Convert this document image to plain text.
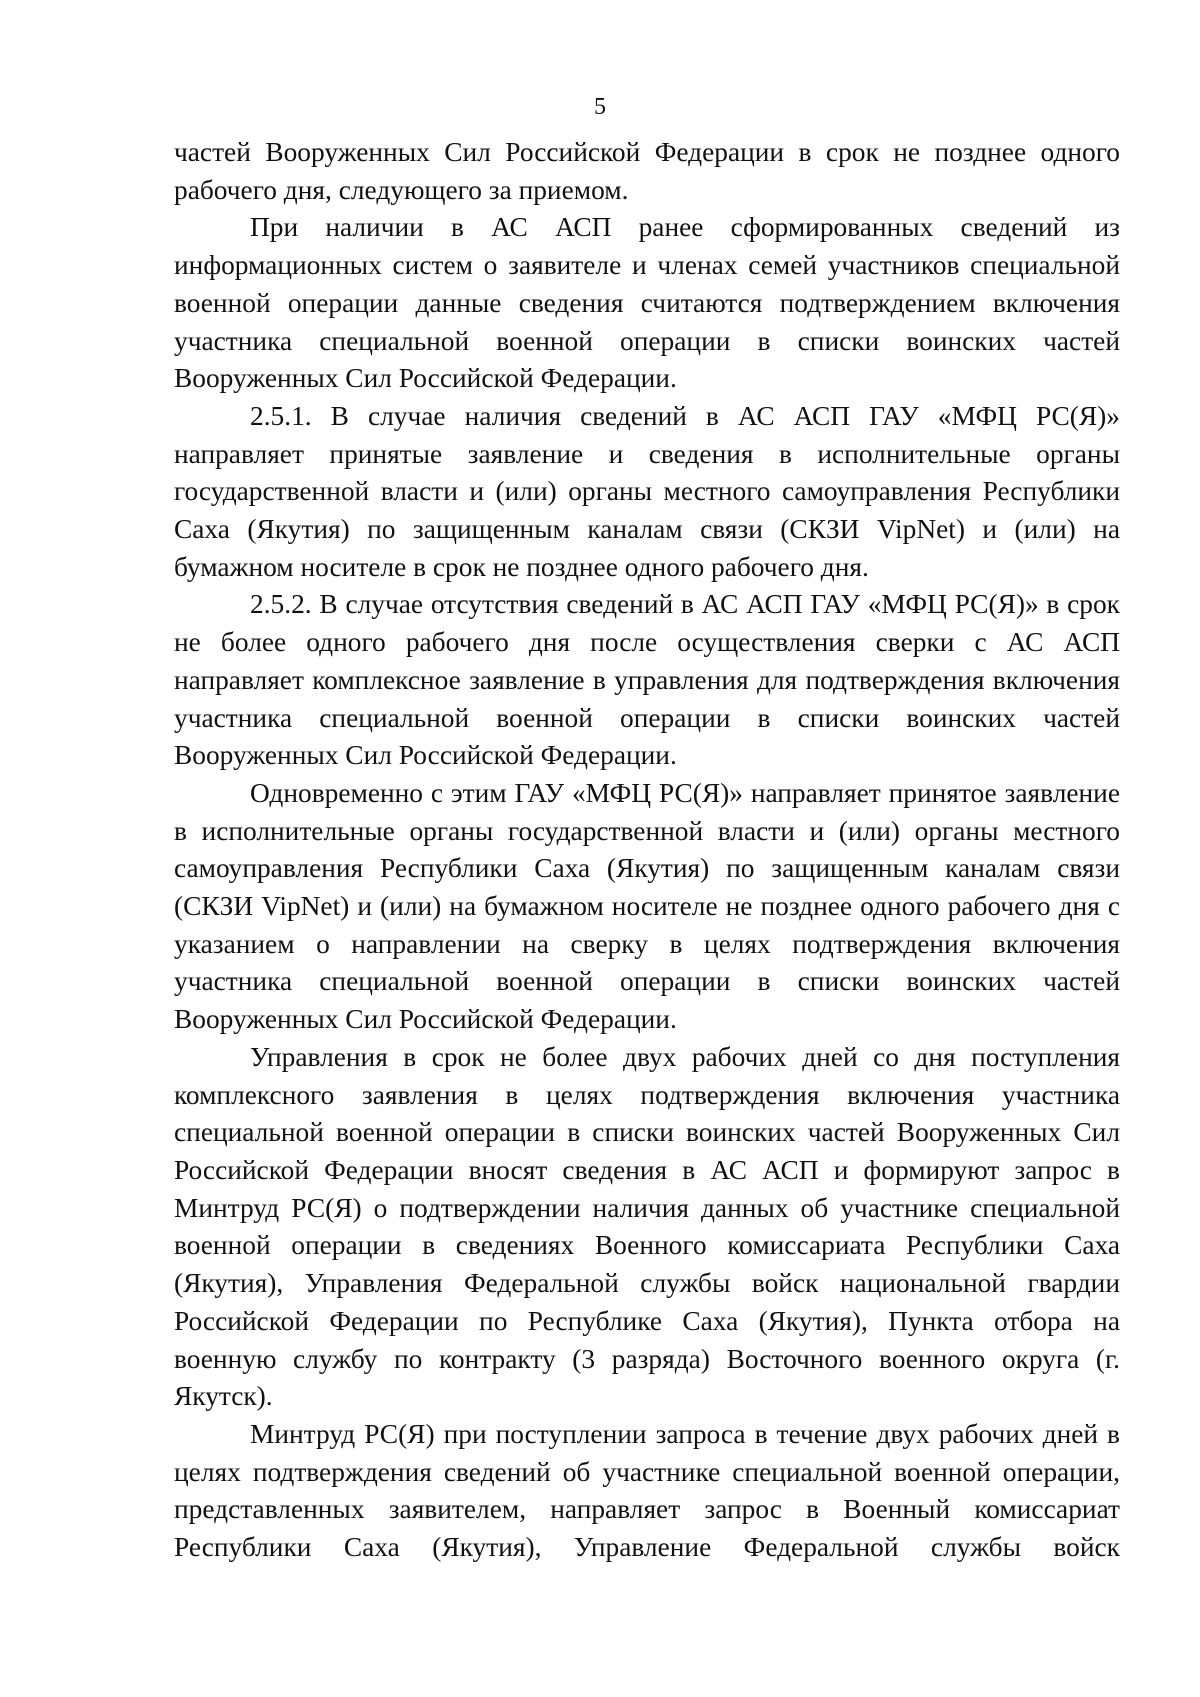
5

частей Вооруженных Сил Российской Федерации в срок не позднее одного рабочего дня, следующего за приемом.

При наличии в АС АСП ранее сформированных сведений из информационных систем о заявителе и членах семей участников специальной военной операции данные сведения считаются подтверждением включения участника специальной военной операции в списки воинских частей Вооруженных Сил Российской Федерации.

2.5.1. В случае наличия сведений в АС АСП ГАУ «МФЦ РС(Я)» направляет принятые заявление и сведения в исполнительные органы государственной власти и (или) органы местного самоуправления Республики Саха (Якутия) по защищенным каналам связи (СКЗИ VipNet) и (или) на бумажном носителе в срок не позднее одного рабочего дня.

2.5.2. В случае отсутствия сведений в АС АСП ГАУ «МФЦ РС(Я)» в срок не более одного рабочего дня после осуществления сверки с АС АСП направляет комплексное заявление в управления для подтверждения включения участника специальной военной операции в списки воинских частей Вооруженных Сил Российской Федерации.

Одновременно с этим ГАУ «МФЦ РС(Я)» направляет принятое заявление в исполнительные органы государственной власти и (или) органы местного самоуправления Республики Саха (Якутия) по защищенным каналам связи (СКЗИ VipNet) и (или) на бумажном носителе не позднее одного рабочего дня с указанием о направлении на сверку в целях подтверждения включения участника специальной военной операции в списки воинских частей Вооруженных Сил Российской Федерации.

Управления в срок не более двух рабочих дней со дня поступления комплексного заявления в целях подтверждения включения участника специальной военной операции в списки воинских частей Вооруженных Сил Российской Федерации вносят сведения в АС АСП и формируют запрос в Минтруд РС(Я) о подтверждении наличия данных об участнике специальной военной операции в сведениях Военного комиссариата Республики Саха (Якутия), Управления Федеральной службы войск национальной гвардии Российской Федерации по Республике Саха (Якутия), Пункта отбора на военную службу по контракту (3 разряда) Восточного военного округа (г. Якутск).

Минтруд РС(Я) при поступлении запроса в течение двух рабочих дней в целях подтверждения сведений об участнике специальной военной операции, представленных заявителем, направляет запрос в Военный комиссариат Республики Саха (Якутия), Управление Федеральной службы войск
